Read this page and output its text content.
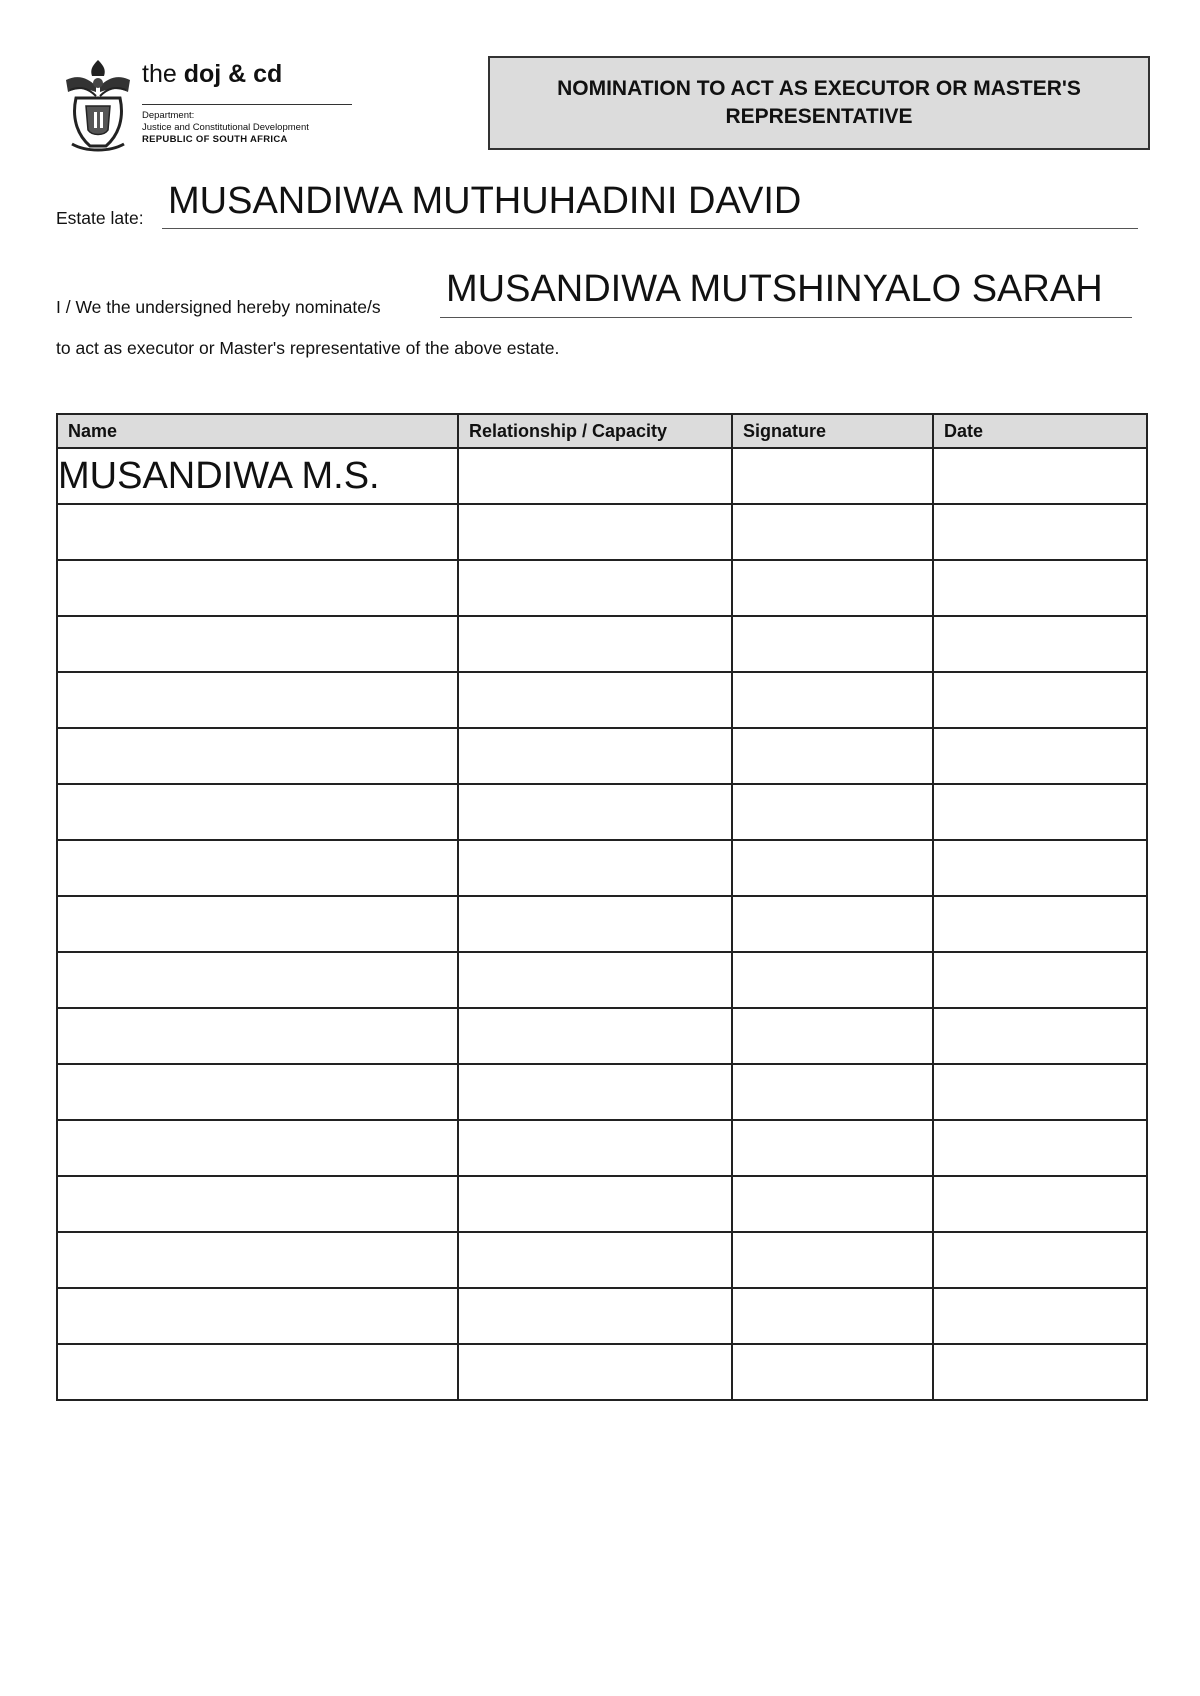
the doj & cd
Department:
Justice and Constitutional Development
REPUBLIC OF SOUTH AFRICA
NOMINATION TO ACT AS EXECUTOR OR MASTER'S REPRESENTATIVE
Estate late: MUSANDIWA MUTHUHADINI DAVID
I / We the undersigned hereby nominate/s MUSANDIWA MUTSHINYALO SARAH
to act as executor or Master's representative of the above estate.
Name	Relationship / Capacity	Signature	Date
MUSANDIWA M.S.			
